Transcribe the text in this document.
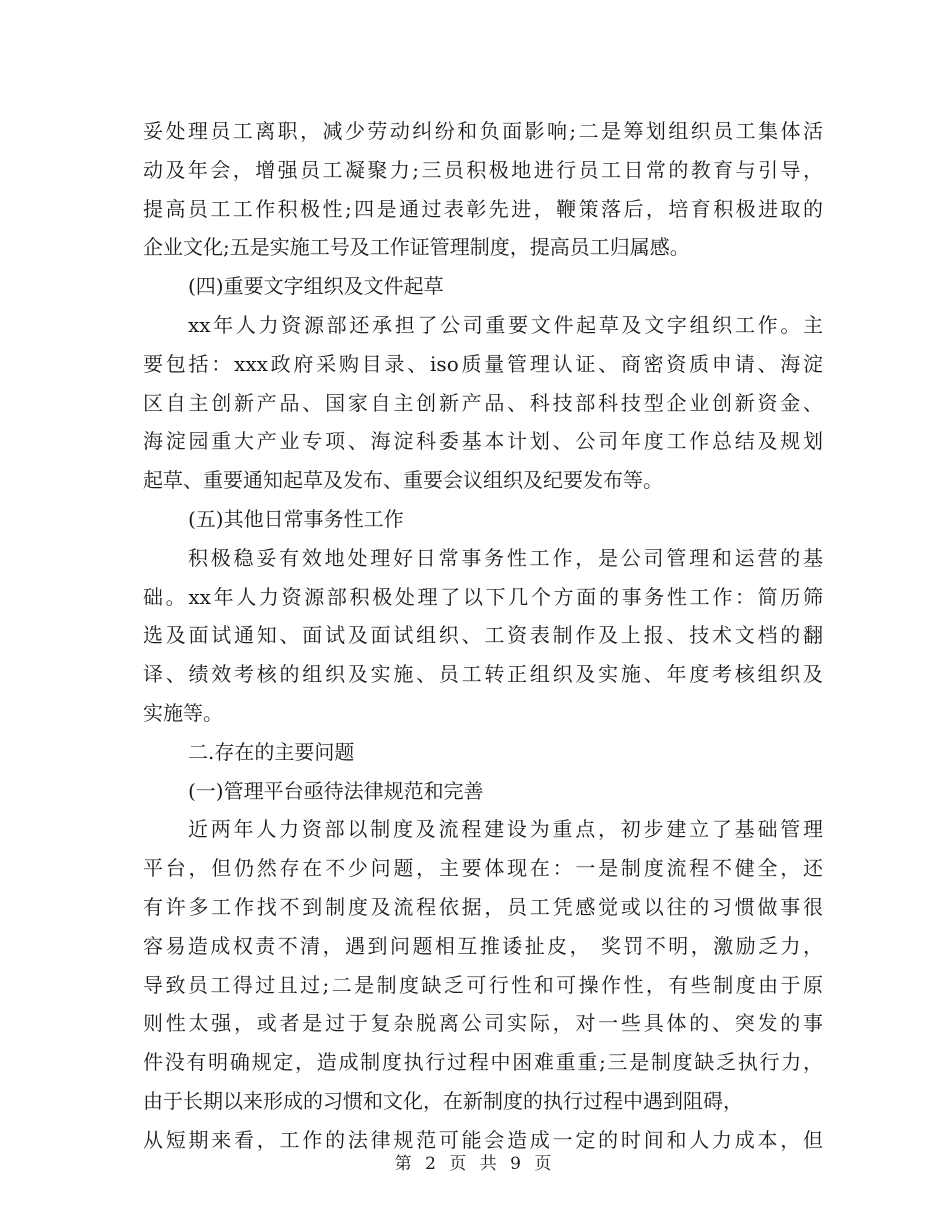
妥处理员工离职，减少劳动纠纷和负面影响;二是筹划组织员工集体活
动及年会，增强员工凝聚力;三员积极地进行员工日常的教育与引导，
提高员工工作积极性;四是通过表彰先进，鞭策落后，培育积极进取的
企业文化;五是实施工号及工作证管理制度，提高员工归属感。
(四)重要文字组织及文件起草
xx年人力资源部还承担了公司重要文件起草及文字组织工作。主
要包括：xxx政府采购目录、iso质量管理认证、商密资质申请、海淀
区自主创新产品、国家自主创新产品、科技部科技型企业创新资金、
海淀园重大产业专项、海淀科委基本计划、公司年度工作总结及规划
起草、重要通知起草及发布、重要会议组织及纪要发布等。
(五)其他日常事务性工作
积极稳妥有效地处理好日常事务性工作，是公司管理和运营的基
础。xx年人力资源部积极处理了以下几个方面的事务性工作：简历筛
选及面试通知、面试及面试组织、工资表制作及上报、技术文档的翻
译、绩效考核的组织及实施、员工转正组织及实施、年度考核组织及
实施等。
二.存在的主要问题
(一)管理平台亟待法律规范和完善
近两年人力资部以制度及流程建设为重点，初步建立了基础管理
平台，但仍然存在不少问题，主要体现在：一是制度流程不健全，还
有许多工作找不到制度及流程依据，员工凭感觉或以往的习惯做事很
容易造成权责不清，遇到问题相互推诿扯皮， 奖罚不明，激励乏力，
导致员工得过且过;二是制度缺乏可行性和可操作性，有些制度由于原
则性太强，或者是过于复杂脱离公司实际，对一些具体的、突发的事
件没有明确规定，造成制度执行过程中困难重重;三是制度缺乏执行力，
由于长期以来形成的习惯和文化，在新制度的执行过程中遇到阻碍，
从短期来看，工作的法律规范可能会造成一定的时间和人力成本，但
第 2 页 共 9 页
